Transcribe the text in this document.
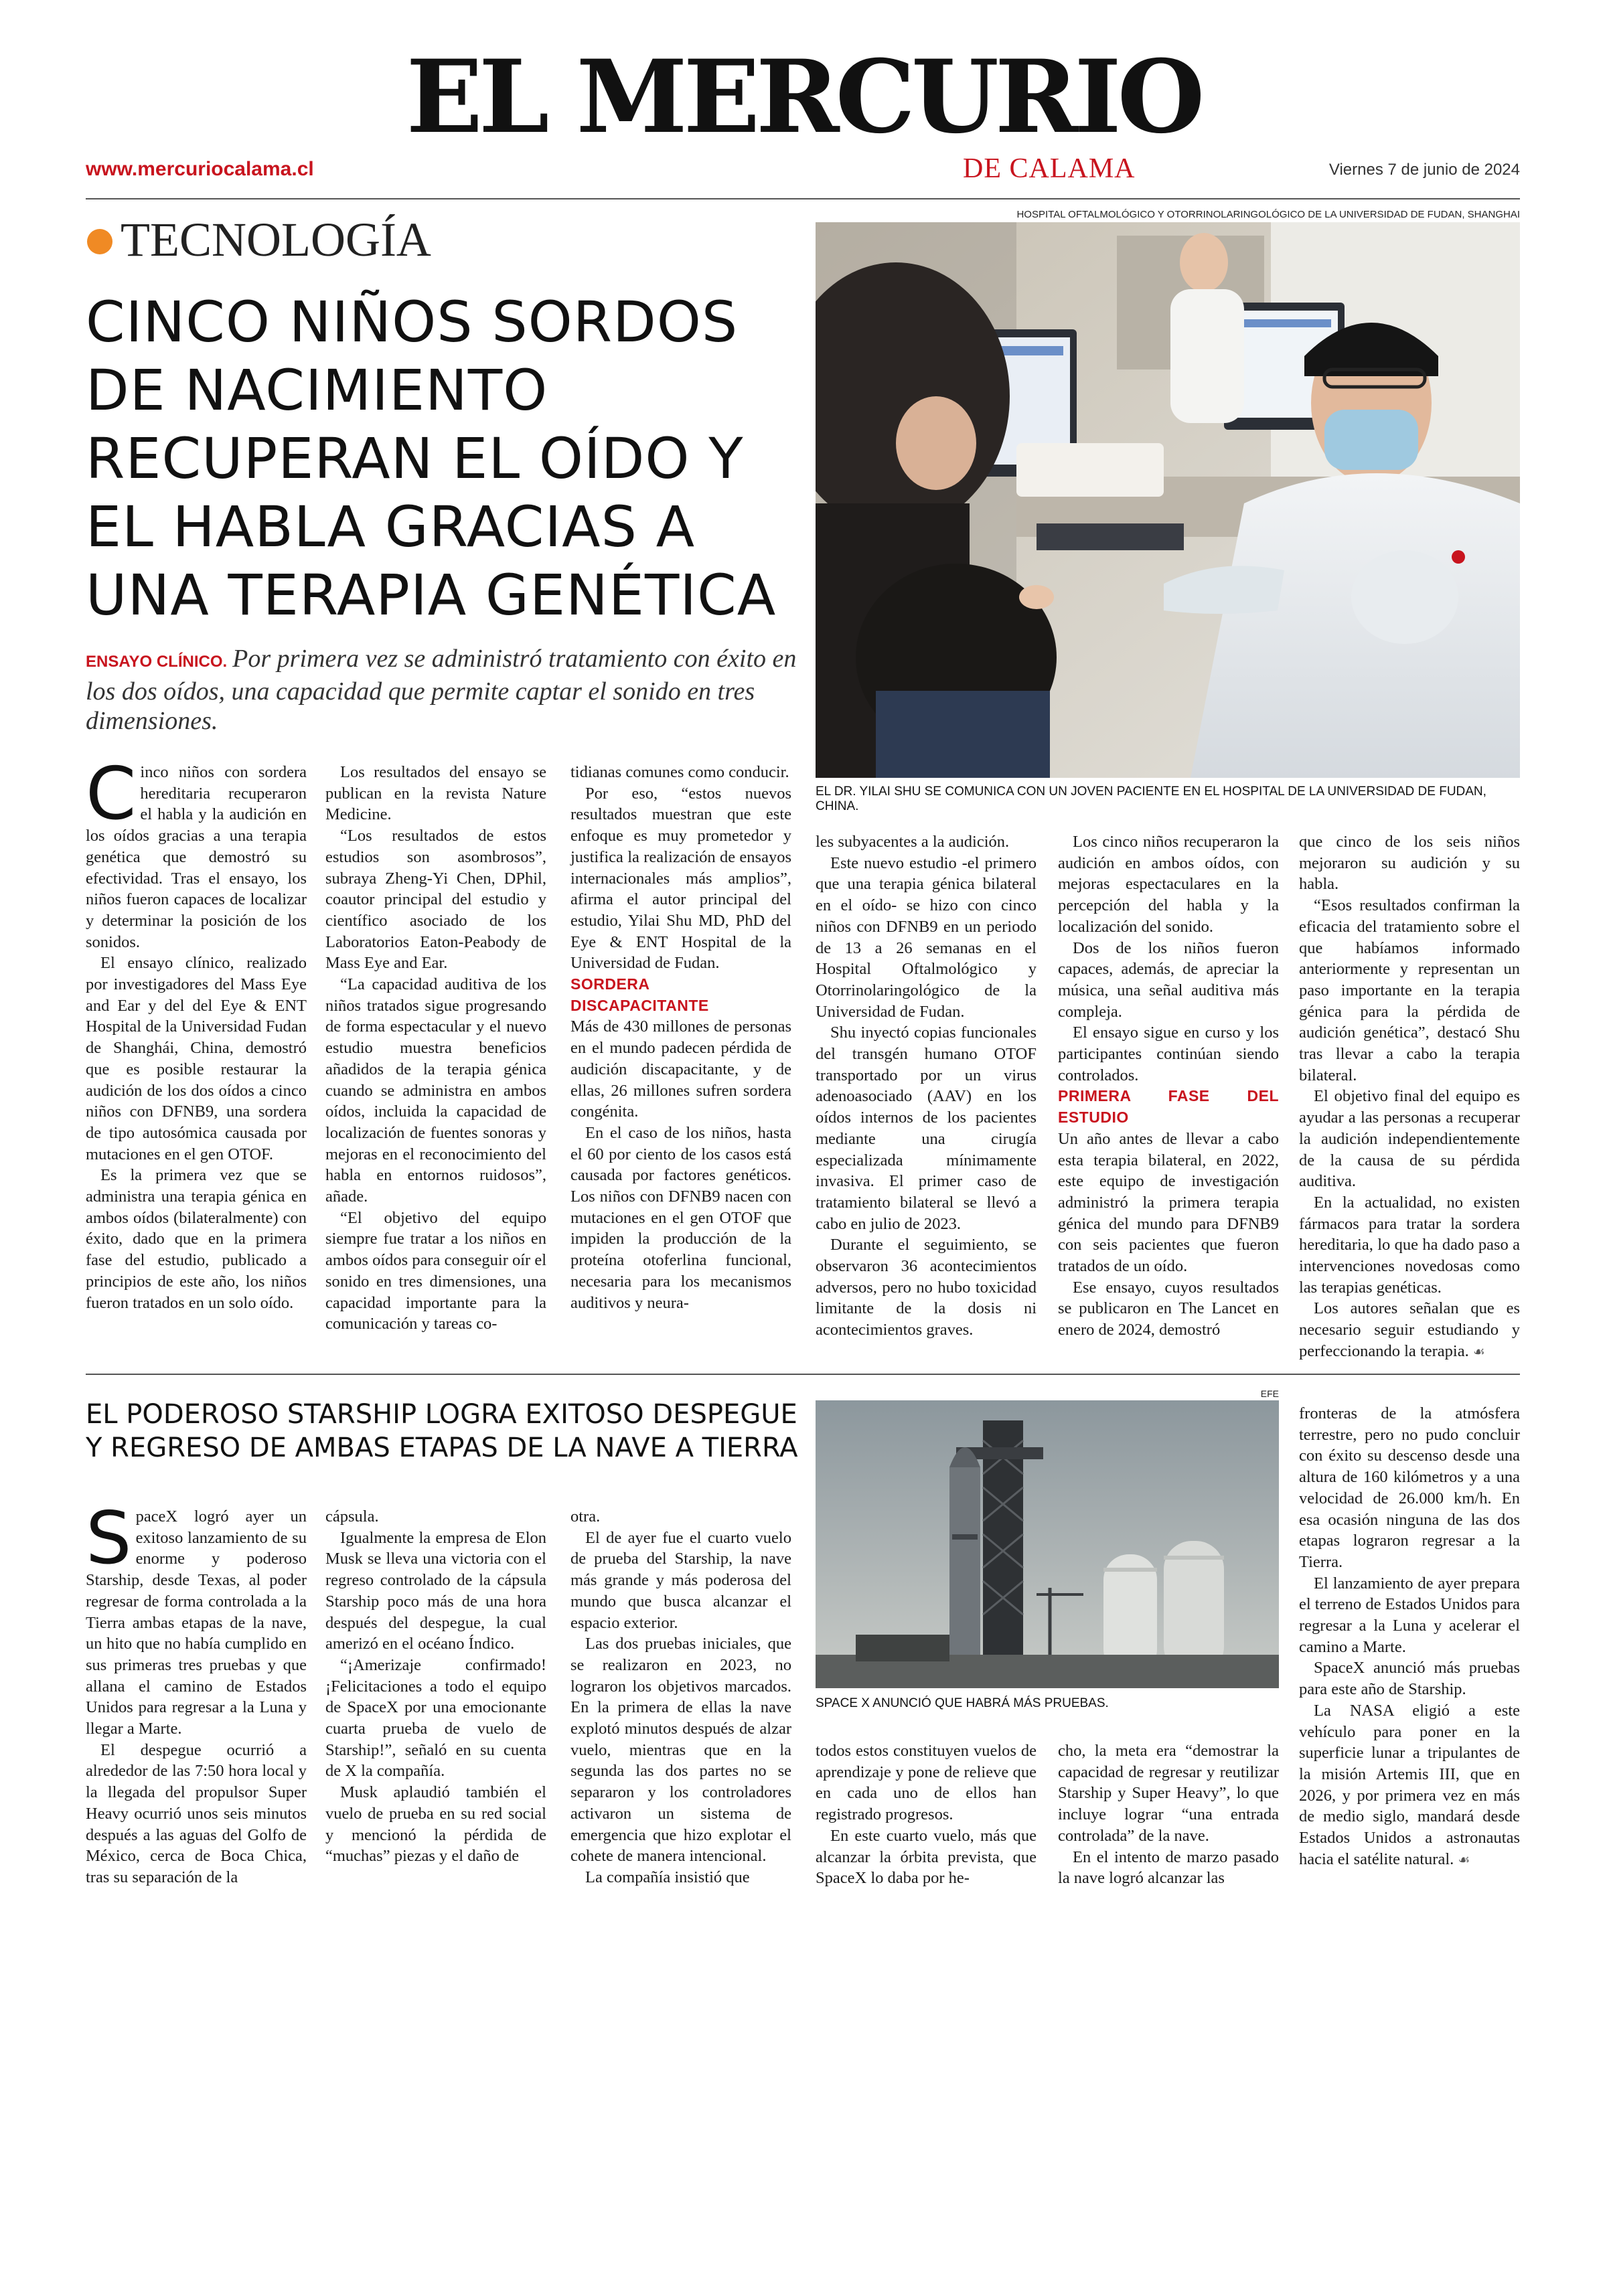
EL MERCURIO
DE CALAMA
www.mercuriocalama.cl	Viernes 7 de junio de 2024
TECNOLOGÍA
CINCO NIÑOS SORDOS DE NACIMIENTO RECUPERAN EL OÍDO Y EL HABLA GRACIAS A UNA TERAPIA GENÉTICA
ENSAYO CLÍNICO. Por primera vez se administró tratamiento con éxito en los dos oídos, una capacidad que permite captar el sonido en tres dimensiones.
HOSPITAL OFTALMOLÓGICO Y OTORRINOLARINGOLÓGICO DE LA UNIVERSIDAD DE FUDAN, SHANGHAI
EL DR. YILAI SHU SE COMUNICA CON UN JOVEN PACIENTE EN EL HOSPITAL DE LA UNIVERSIDAD DE FUDAN, CHINA.

Cinco niños con sordera hereditaria recuperaron el habla y la audición en los oídos gracias a una terapia genética que demostró su efectividad. Tras el ensayo, los niños fueron capaces de localizar y determinar la posición de los sonidos.

El ensayo clínico, realizado por investigadores del Mass Eye and Ear y del del Eye & ENT Hospital de la Universidad Fudan de Shanghái, China, demostró que es posible restaurar la audición de los dos oídos a cinco niños con DFNB9, una sordera de tipo autosómica causada por mutaciones en el gen OTOF.

Es la primera vez que se administra una terapia génica en ambos oídos (bilateralmente) con éxito, dado que en la primera fase del estudio, publicado a principios de este año, los niños fueron tratados en un solo oído.

Los resultados del ensayo se publican en la revista Nature Medicine.

“Los resultados de estos estudios son asombrosos”, subraya Zheng-Yi Chen, DPhil, coautor principal del estudio y científico asociado de los Laboratorios Eaton-Peabody de Mass Eye and Ear.

“La capacidad auditiva de los niños tratados sigue progresando de forma espectacular y el nuevo estudio muestra beneficios añadidos de la terapia génica cuando se administra en ambos oídos, incluida la capacidad de localización de fuentes sonoras y mejoras en el reconocimiento del habla en entornos ruidosos”, añade.

“El objetivo del equipo siempre fue tratar a los niños en ambos oídos para conseguir oír el sonido en tres dimensiones, una capacidad importante para la comunicación y tareas co-

tidianas comunes como conducir.

Por eso, “estos nuevos resultados muestran que este enfoque es muy prometedor y justifica la realización de ensayos internacionales más amplios”, afirma el autor principal del estudio, Yilai Shu MD, PhD del Eye & ENT Hospital de la Universidad de Fudan.

SORDERA DISCAPACITANTE

Más de 430 millones de personas en el mundo padecen pérdida de audición discapacitante, y de ellas, 26 millones sufren sordera congénita.

En el caso de los niños, hasta el 60 por ciento de los casos está causada por factores genéticos. Los niños con DFNB9 nacen con mutaciones en el gen OTOF que impiden la producción de la proteína otoferlina funcional, necesaria para los mecanismos auditivos y neura-

les subyacentes a la audición.

Este nuevo estudio -el primero que una terapia génica bilateral en el oído- se hizo con cinco niños con DFNB9 en un periodo de 13 a 26 semanas en el Hospital Oftalmológico y Otorrinolaringológico de la Universidad de Fudan.

Shu inyectó copias funcionales del transgén humano OTOF transportado por un virus adenoasociado (AAV) en los oídos internos de los pacientes mediante una cirugía especializada mínimamente invasiva. El primer caso de tratamiento bilateral se llevó a cabo en julio de 2023.

Durante el seguimiento, se observaron 36 acontecimientos adversos, pero no hubo toxicidad limitante de la dosis ni acontecimientos graves.

Los cinco niños recuperaron la audición en ambos oídos, con mejoras espectaculares en la percepción del habla y la localización del sonido.

Dos de los niños fueron capaces, además, de apreciar la música, una señal auditiva más compleja.

El ensayo sigue en curso y los participantes continúan siendo controlados.

PRIMERA FASE DEL ESTUDIO

Un año antes de llevar a cabo esta terapia bilateral, en 2022, este equipo de investigación administró la primera terapia génica del mundo para DFNB9 con seis pacientes que fueron tratados de un oído.

Ese ensayo, cuyos resultados se publicaron en The Lancet en enero de 2024, demostró

que cinco de los seis niños mejoraron su audición y su habla.

“Esos resultados confirman la eficacia del tratamiento sobre el que habíamos informado anteriormente y representan un paso importante en la terapia génica para la pérdida de audición genética”, destacó Shu tras llevar a cabo la terapia bilateral.

El objetivo final del equipo es ayudar a las personas a recuperar la audición independientemente de la causa de su pérdida auditiva.

En la actualidad, no existen fármacos para tratar la sordera hereditaria, lo que ha dado paso a intervenciones novedosas como las terapias genéticas.

Los autores señalan que es necesario seguir estudiando y perfeccionando la terapia. ☙

EL PODEROSO STARSHIP LOGRA EXITOSO DESPEGUE Y REGRESO DE AMBAS ETAPAS DE LA NAVE A TIERRA
EFE
SPACE X ANUNCIÓ QUE HABRÁ MÁS PRUEBAS.

SpaceX logró ayer un exitoso lanzamiento de su enorme y poderoso Starship, desde Texas, al poder regresar de forma controlada a la Tierra ambas etapas de la nave, un hito que no había cumplido en sus primeras tres pruebas y que allana el camino de Estados Unidos para regresar a la Luna y llegar a Marte.

El despegue ocurrió a alrededor de las 7:50 hora local y la llegada del propulsor Super Heavy ocurrió unos seis minutos después a las aguas del Golfo de México, cerca de Boca Chica, tras su separación de la

cápsula.

Igualmente la empresa de Elon Musk se lleva una victoria con el regreso controlado de la cápsula Starship poco más de una hora después del despegue, la cual amerizó en el océano Índico.

“¡Amerizaje confirmado! ¡Felicitaciones a todo el equipo de SpaceX por una emocionante cuarta prueba de vuelo de Starship!”, señaló en su cuenta de X la compañía.

Musk aplaudió también el vuelo de prueba en su red social y mencionó la pérdida de “muchas” piezas y el daño de

otra.

El de ayer fue el cuarto vuelo de prueba del Starship, la nave más grande y más poderosa del mundo que busca alcanzar el espacio exterior.

Las dos pruebas iniciales, que se realizaron en 2023, no lograron los objetivos marcados. En la primera de ellas la nave explotó minutos después de alzar vuelo, mientras que en la segunda las dos partes no se separaron y los controladores activaron un sistema de emergencia que hizo explotar el cohete de manera intencional.

La compañía insistió que

todos estos constituyen vuelos de aprendizaje y pone de relieve que en cada uno de ellos han registrado progresos.

En este cuarto vuelo, más que alcanzar la órbita prevista, que SpaceX lo daba por he-

cho, la meta era “demostrar la capacidad de regresar y reutilizar Starship y Super Heavy”, lo que incluye lograr “una entrada controlada” de la nave.

En el intento de marzo pasado la nave logró alcanzar las

fronteras de la atmósfera terrestre, pero no pudo concluir con éxito su descenso desde una altura de 160 kilómetros y a una velocidad de 26.000 km/h. En esa ocasión ninguna de las dos etapas lograron regresar a la Tierra.

El lanzamiento de ayer prepara el terreno de Estados Unidos para regresar a la Luna y acelerar el camino a Marte.

SpaceX anunció más pruebas para este año de Starship.

La NASA eligió a este vehículo para poner en la superficie lunar a tripulantes de la misión Artemis III, que en 2026, y por primera vez en más de medio siglo, mandará desde Estados Unidos a astronautas hacia el satélite natural. ☙
